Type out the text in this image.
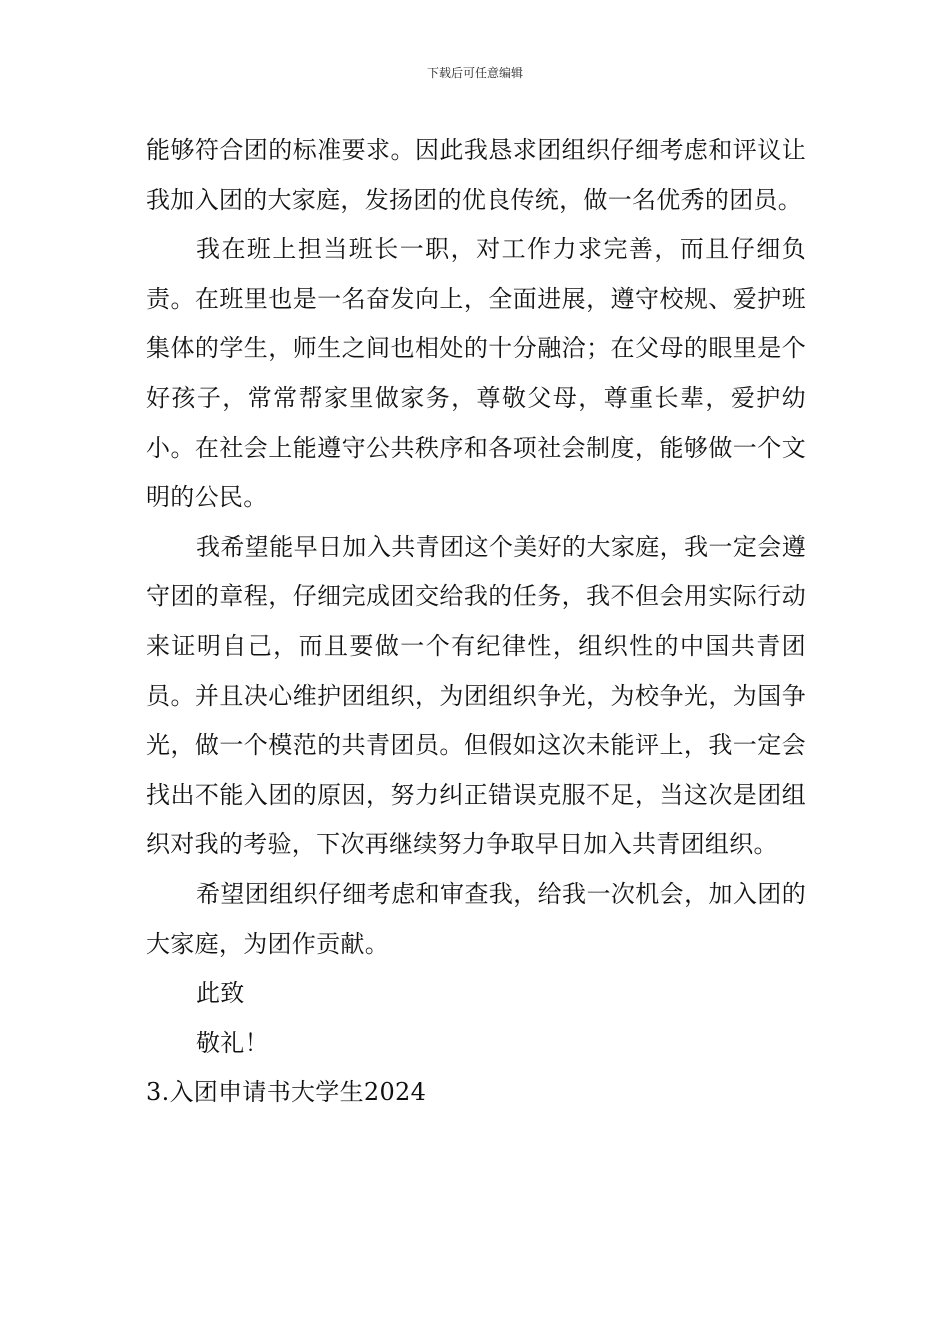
下载后可任意编辑

能够符合团的标准要求。因此我恳求团组织仔细考虑和评议让我加入团的大家庭，发扬团的优良传统，做一名优秀的团员。

我在班上担当班长一职，对工作力求完善，而且仔细负责。在班里也是一名奋发向上，全面进展，遵守校规、爱护班集体的学生，师生之间也相处的十分融洽；在父母的眼里是个好孩子，常常帮家里做家务，尊敬父母，尊重长辈，爱护幼小。在社会上能遵守公共秩序和各项社会制度，能够做一个文明的公民。

我希望能早日加入共青团这个美好的大家庭，我一定会遵守团的章程，仔细完成团交给我的任务，我不但会用实际行动来证明自己，而且要做一个有纪律性，组织性的中国共青团员。并且决心维护团组织，为团组织争光，为校争光，为国争光，做一个模范的共青团员。但假如这次未能评上，我一定会找出不能入团的原因，努力纠正错误克服不足，当这次是团组织对我的考验，下次再继续努力争取早日加入共青团组织。

希望团组织仔细考虑和审查我，给我一次机会，加入团的大家庭，为团作贡献。

此致

敬礼！

3.入团申请书大学生2024
